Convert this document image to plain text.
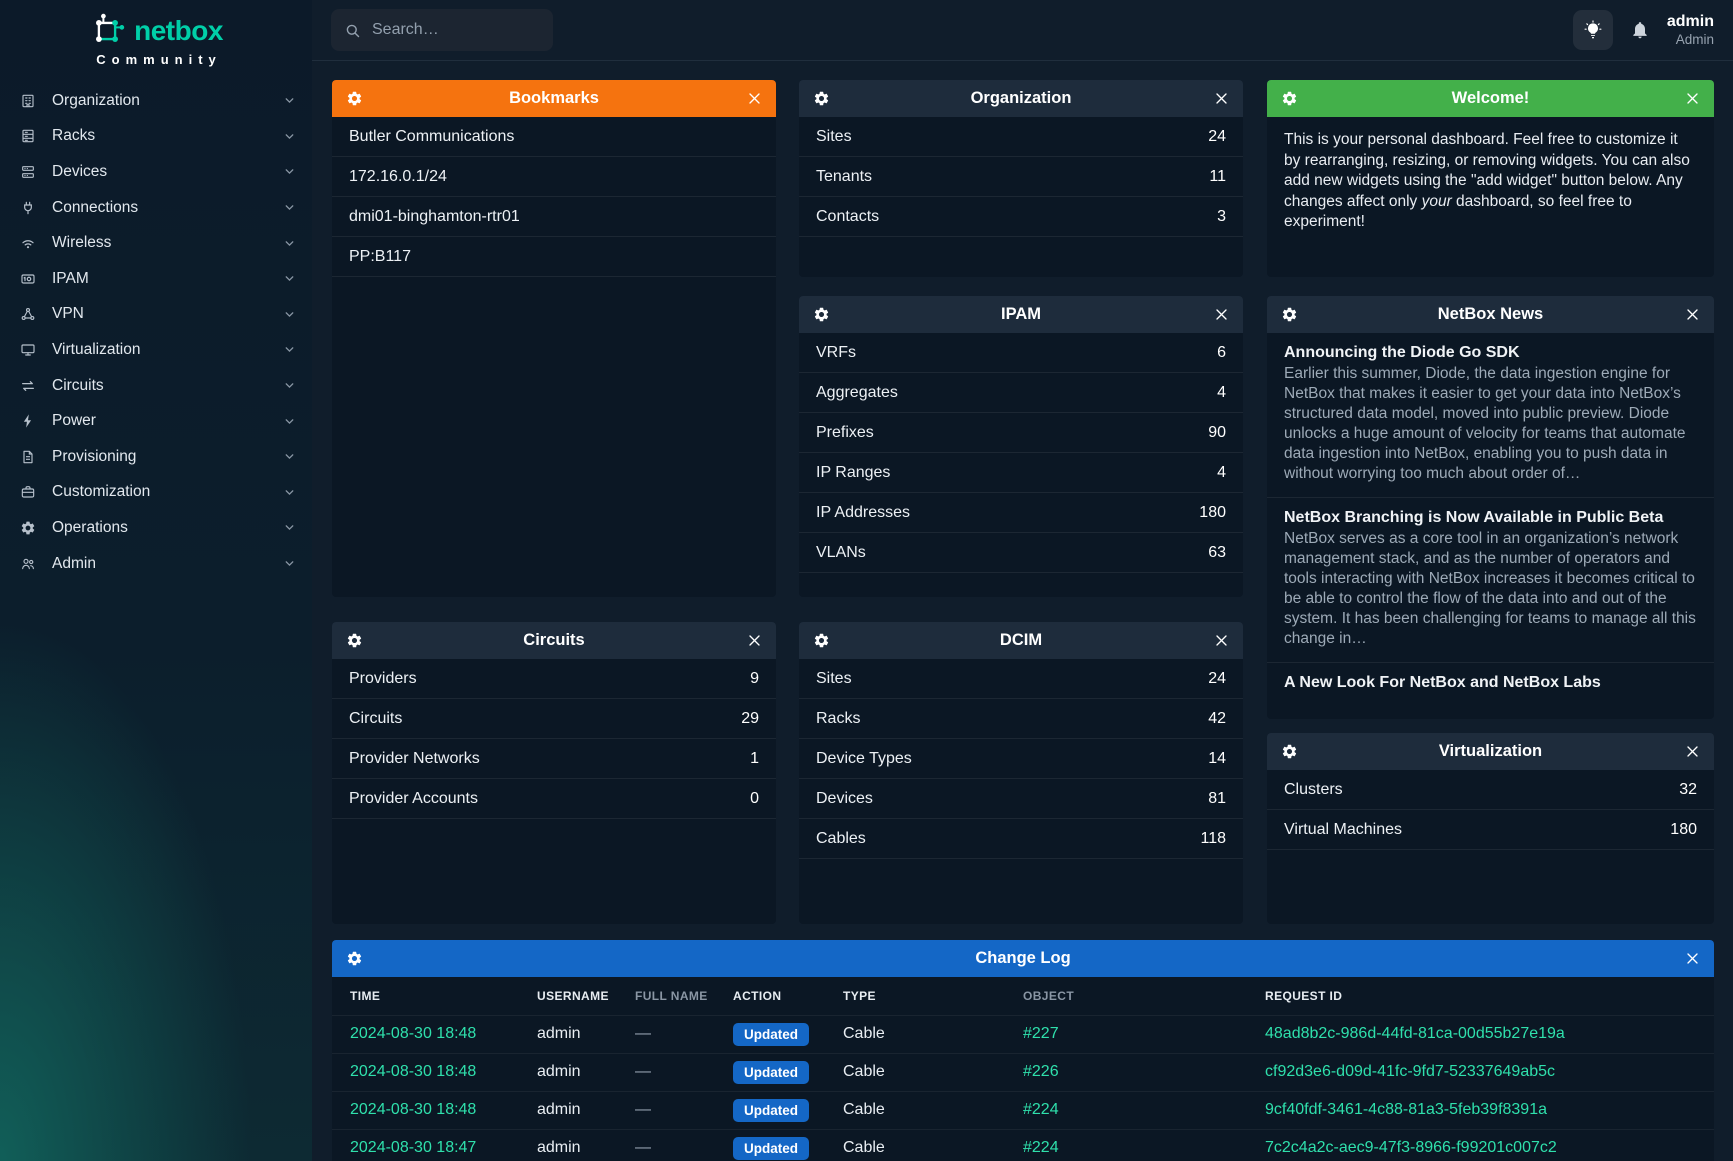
netbox
Community
Organization
Racks
Devices
Connections
Wireless
IPAM
VPN
Virtualization
Circuits
Power
Provisioning
Customization
Operations
Admin
Search…
admin
Admin
Bookmarks
Butler Communications
172.16.0.1/24
dmi01-binghamton-rtr01
PP:B117
Organization
Sites	24
Tenants	11
Contacts	3
Welcome!

This is your personal dashboard. Feel free to customize it by rearranging, resizing, or removing widgets. You can also add new widgets using the "add widget" button below. Any changes affect only your dashboard, so feel free to experiment!

IPAM
VRFs	6
Aggregates	4
Prefixes	90
IP Ranges	4
IP Addresses	180
VLANs	63
NetBox News
Announcing the Diode Go SDK
Earlier this summer, Diode, the data ingestion engine for NetBox that makes it easier to get your data into NetBox’s structured data model, moved into public preview. Diode unlocks a huge amount of velocity for teams that automate data ingestion into NetBox, enabling you to push data in without worrying too much about order of…
NetBox Branching is Now Available in Public Beta
NetBox serves as a core tool in an organization’s network management stack, and as the number of operators and tools interacting with NetBox increases it becomes critical to be able to control the flow of the data into and out of the system. It has been challenging for teams to manage all this change in…
A New Look For NetBox and NetBox Labs
Circuits
Providers	9
Circuits	29
Provider Networks	1
Provider Accounts	0
DCIM
Sites	24
Racks	42
Device Types	14
Devices	81
Cables	118
Virtualization
Clusters	32
Virtual Machines	180
Change Log
TIME	USERNAME	FULL NAME	ACTION	TYPE	OBJECT	REQUEST ID
2024-08-30 18:48	admin	—	Updated	Cable	#227	48ad8b2c-986d-44fd-81ca-00d55b27e19a
2024-08-30 18:48	admin	—	Updated	Cable	#226	cf92d3e6-d09d-41fc-9fd7-52337649ab5c
2024-08-30 18:48	admin	—	Updated	Cable	#224	9cf40fdf-3461-4c88-81a3-5feb39f8391a
2024-08-30 18:47	admin	—	Updated	Cable	#224	7c2c4a2c-aec9-47f3-8966-f99201c007c2
